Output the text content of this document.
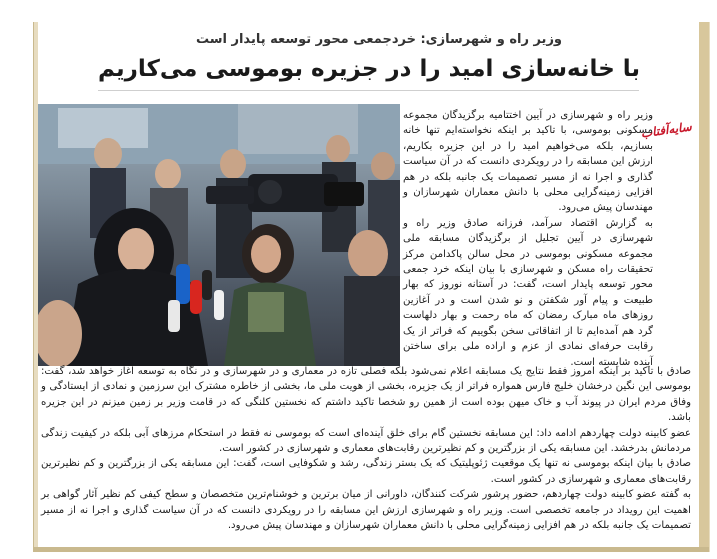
وزیر راه و شهرسازی: خردجمعی محور توسعه پایدار است
با خانه‌سازی امید را در جزیره بوموسی می‌کاریم
سایه‌آفتاب

وزیر راه و شهرسازی در آیین اختتامیه برگزیدگان مجموعه مسکونی بوموسی، با تاکید بر اینکه نخواسته‌ایم تنها خانه بسازیم، بلکه می‌خواهیم امید را در این جزیره بکاریم، ارزش این مسابقه را در رویکردی دانست که در آن سیاست گذاری و اجرا نه از مسیر تصمیمات یک جانبه بلکه در هم افزایی زمینه‌گرایی محلی با دانش معماران شهرسازان و مهندسان پیش می‌رود.

به گزارش اقتصاد سرآمد، فرزانه صادق وزیر راه و شهرسازی در آیین تجلیل از برگزیدگان مسابقه ملی مجموعه مسکونی بوموسی در محل سالن پاکدامن مرکز تحقیقات راه مسکن و شهرسازی با بیان اینکه خرد جمعی محور توسعه پایدار است، گفت: در آستانه نوروز که بهار طبیعت و پیام آور شکفتن و نو شدن است و در آغازین روزهای ماه مبارک رمضان که ماه رحمت و بهار دلهاست گرد هم آمده‌ایم تا از اتفاقاتی سخن بگوییم که فراتر از یک رقابت حرفه‌ای نمادی از عزم و اراده ملی برای ساختن آینده شایسته است.

صادق با تاکید بر اینکه امروز فقط نتایج یک مسابقه اعلام نمی‌شود بلکه فصلی تازه در معماری و در شهرسازی و در نگاه به توسعه آغاز خواهد شد، گفت: بوموسی این نگین درخشان خلیج فارس همواره فراتر از یک جزیره، بخشی از هویت ملی ما، بخشی از خاطره مشترک این سرزمین و نمادی از ایستادگی و وفاق مردم ایران در پیوند آب و خاک میهن بوده است از همین رو شخصا تاکید داشتم که نخستین کلنگی که در قامت وزیر بر زمین میزنم در این جزیره باشد.

عضو کابینه دولت چهاردهم ادامه داد: این مسابقه نخستین گام برای خلق آینده‌ای است که بوموسی نه فقط در استحکام مرزهای آبی بلکه در کیفیت زندگی مردمانش بدرخشد. این مسابقه یکی از بزرگترین و کم نظیرترین رقابت‌های معماری و شهرسازی در کشور است.

صادق با بیان اینکه بوموسی نه تنها یک موقعیت ژئوپلیتیک که یک بستر زندگی، رشد و شکوفایی است، گفت: این مسابقه یکی از بزرگترین و کم نظیرترین رقابت‌های معماری و شهرسازی در کشور است.

به گفته عضو کابینه دولت چهاردهم، حضور پرشور شرکت کنندگان، داورانی از میان برترین و خوشنام‌ترین متخصصان و سطح کیفی کم نظیر آثار گواهی بر اهمیت این رویداد در جامعه تخصصی است. وزیر راه و شهرسازی ارزش این مسابقه را در رویکردی دانست که در آن سیاست گذاری و اجرا نه از مسیر تصمیمات یک جانبه بلکه در هم افزایی زمینه‌گرایی محلی با دانش معماران شهرسازان و مهندسان پیش می‌رود.
